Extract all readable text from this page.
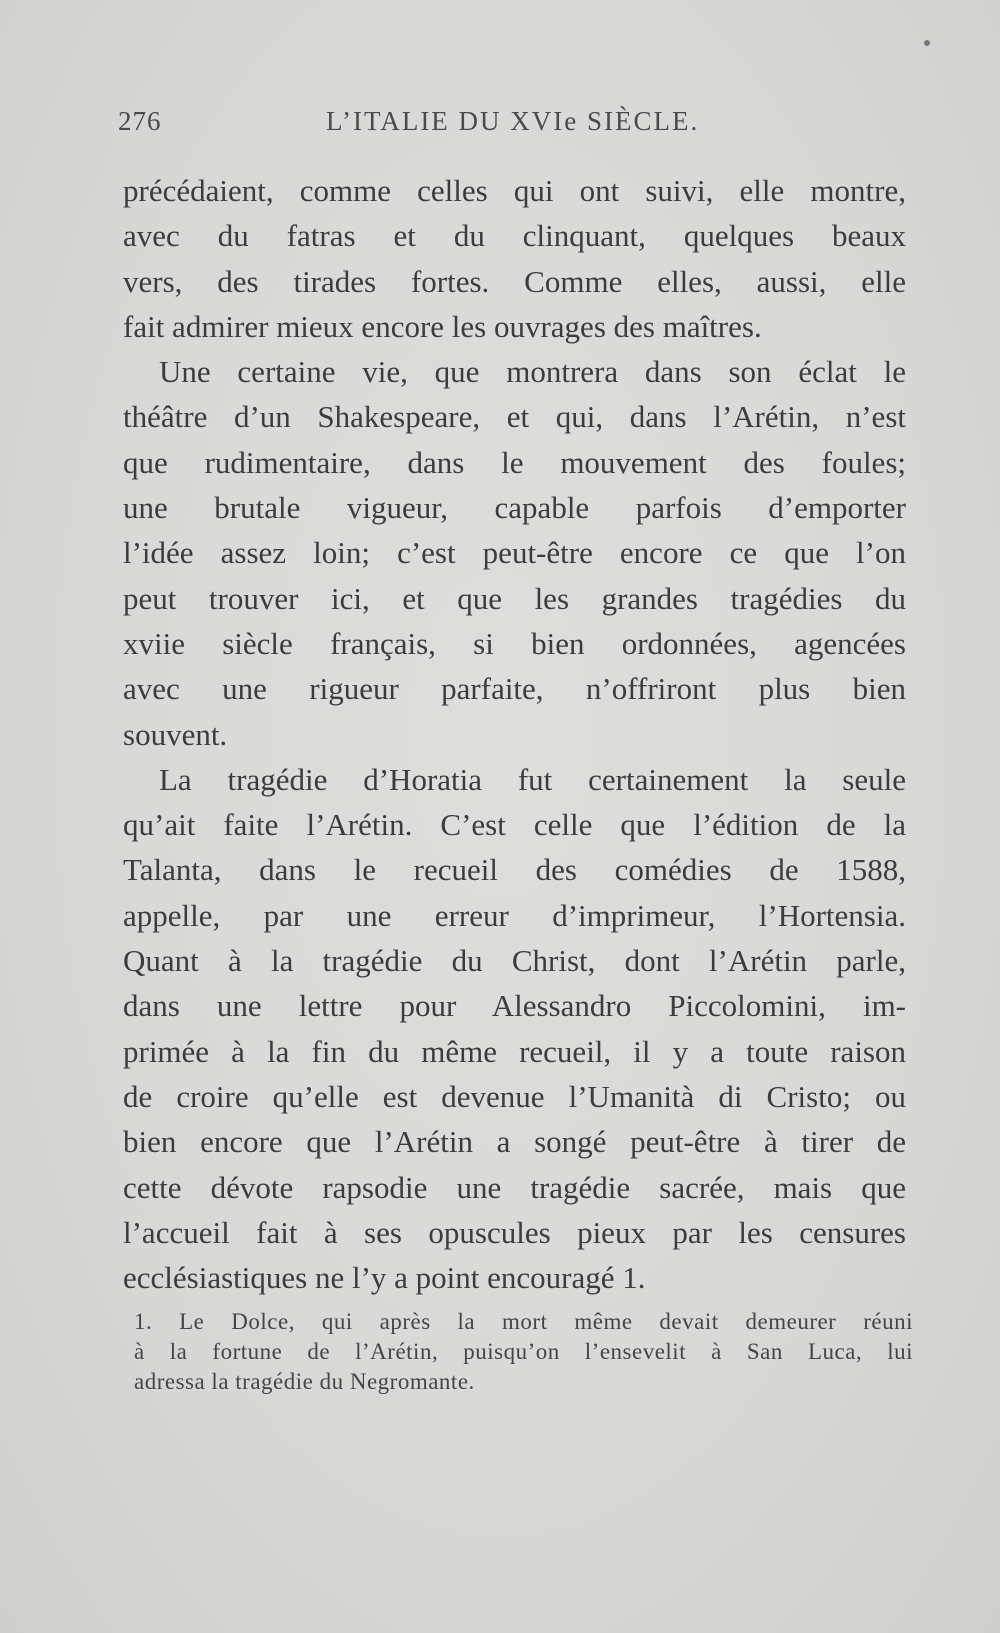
276	L’ITALIE DU XVIe SIÈCLE.
précédaient, comme celles qui ont suivi, elle montre,
avec du fatras et du clinquant, quelques beaux
vers, des tirades fortes. Comme elles, aussi, elle
fait admirer mieux encore les ouvrages des maîtres.
Une certaine vie, que montrera dans son éclat le
théâtre d’un Shakespeare, et qui, dans l’Arétin, n’est
que rudimentaire, dans le mouvement des foules;
une brutale vigueur, capable parfois d’emporter
l’idée assez loin; c’est peut-être encore ce que l’on
peut trouver ici, et que les grandes tragédies du
xviie siècle français, si bien ordonnées, agencées
avec une rigueur parfaite, n’offriront plus bien
souvent.
La tragédie d’Horatia fut certainement la seule
qu’ait faite l’Arétin. C’est celle que l’édition de la
Talanta, dans le recueil des comédies de 1588,
appelle, par une erreur d’imprimeur, l’Hortensia.
Quant à la tragédie du Christ, dont l’Arétin parle,
dans une lettre pour Alessandro Piccolomini, im-
primée à la fin du même recueil, il y a toute raison
de croire qu’elle est devenue l’Umanità di Cristo; ou
bien encore que l’Arétin a songé peut-être à tirer de
cette dévote rapsodie une tragédie sacrée, mais que
l’accueil fait à ses opuscules pieux par les censures
ecclésiastiques ne l’y a point encouragé 1.
1. Le Dolce, qui après la mort même devait demeurer réuni
à la fortune de l’Arétin, puisqu’on l’ensevelit à San Luca, lui
adressa la tragédie du Negromante.
